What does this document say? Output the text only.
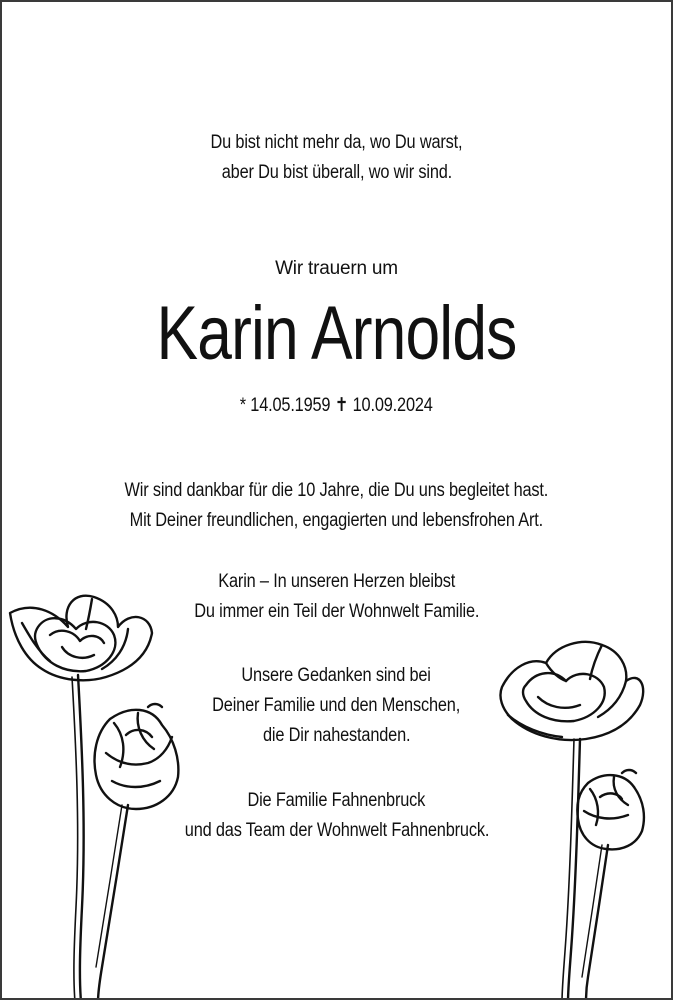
Du bist nicht mehr da, wo Du warst,
aber Du bist überall, wo wir sind.
Wir trauern um
Karin Arnolds
* 14.05.1959 ✝ 10.09.2024
Wir sind dankbar für die 10 Jahre, die Du uns begleitet hast.
Mit Deiner freundlichen, engagierten und lebensfrohen Art.
Karin – In unseren Herzen bleibst
Du immer ein Teil der Wohnwelt Familie.
Unsere Gedanken sind bei
Deiner Familie und den Menschen,
die Dir nahestanden.
Die Familie Fahnenbruck
und das Team der Wohnwelt Fahnenbruck.
